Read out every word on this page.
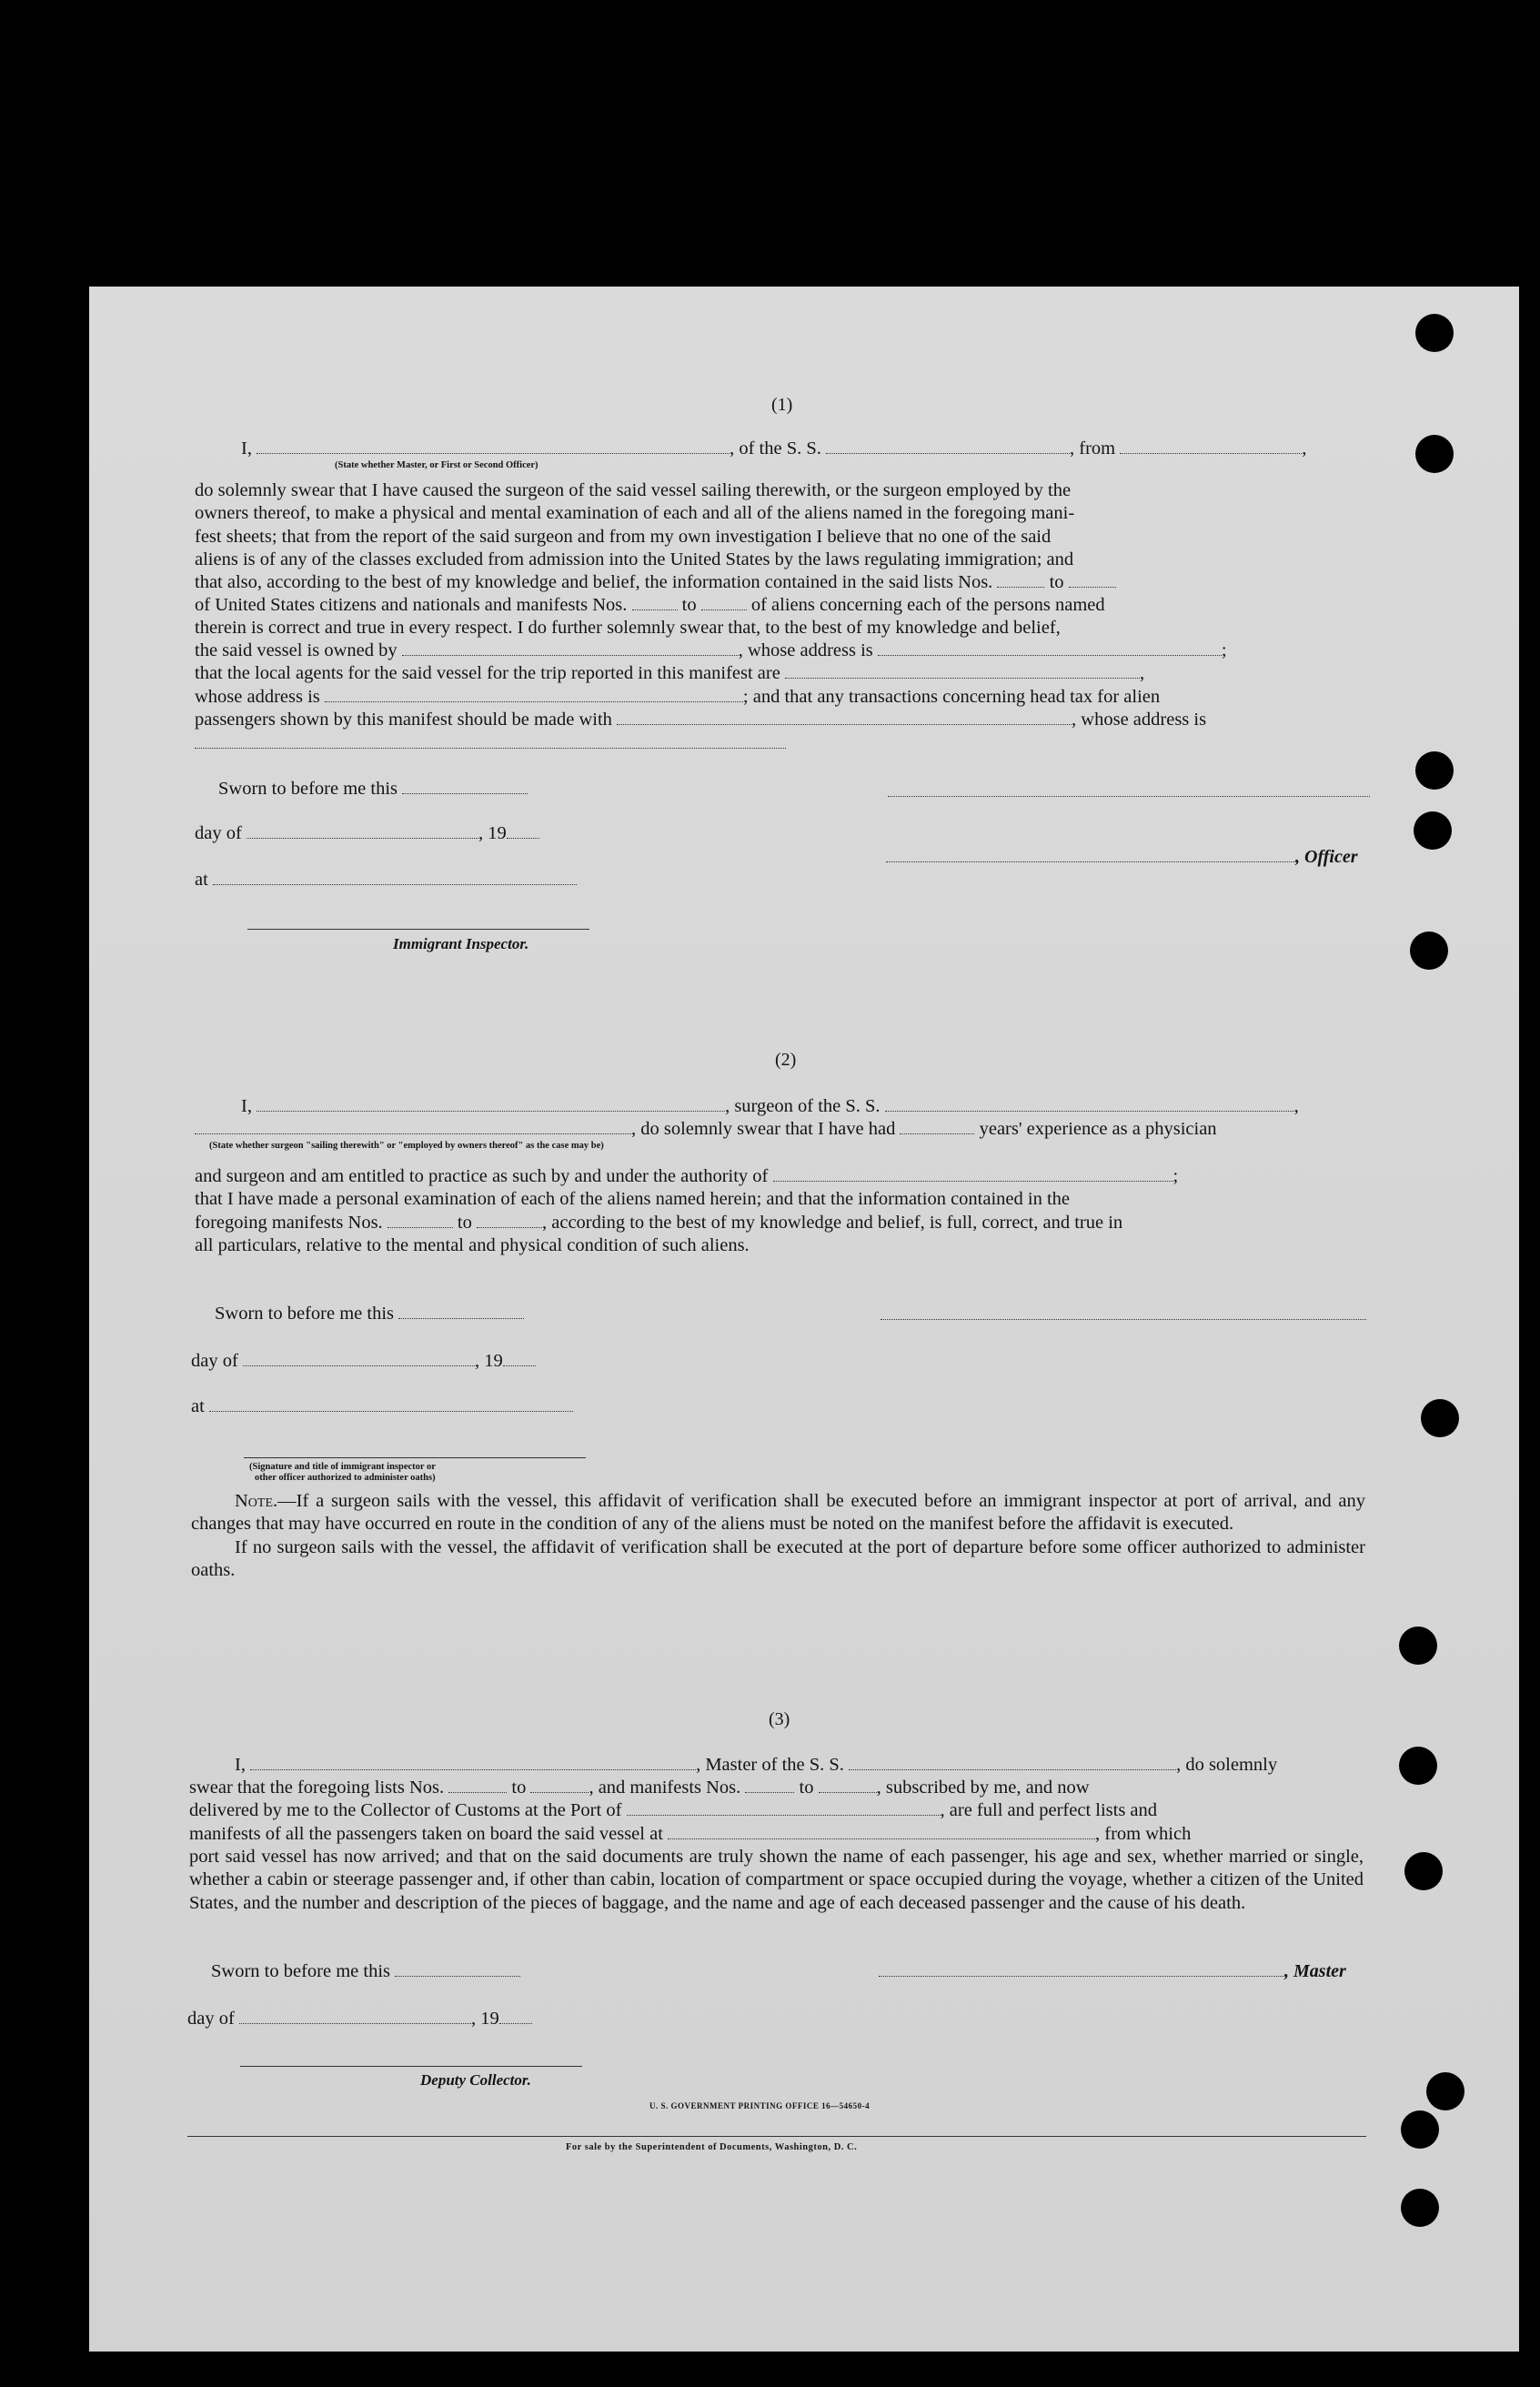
(1)
I,	, of the S. S.	, from	,
(State whether Master, or First or Second Officer)

do solemnly swear that I have caused the surgeon of the said vessel sailing therewith, or the surgeon employed by the

owners thereof, to make a physical and mental examination of each and all of the aliens named in the foregoing mani-

fest sheets; that from the report of the said surgeon and from my own investigation I believe that no one of the said

aliens is of any of the classes excluded from admission into the United States by the laws regulating immigration; and

that also, according to the best of my knowledge and belief, the information contained in the said lists Nos.	to
of United States citizens and nationals and manifests Nos.	to	of aliens concerning each of the persons named
therein is correct and true in every respect. I do further solemnly swear that, to the best of my knowledge and belief,
the said vessel is owned by	, whose address is	;
that the local agents for the said vessel for the trip reported in this manifest are	,
whose address is	; and that any transactions concerning head tax for alien
passengers shown by this manifest should be made with	, whose address is
Sworn to before me this
day of	, 19
, Officer
at
Immigrant Inspector.
(2)
I,	, surgeon of the S. S.	,
, do solemnly swear that I have had	years' experience as a physician
(State whether surgeon "sailing therewith" or "employed by owners thereof" as the case may be)
and surgeon and am entitled to practice as such by and under the authority of	;
that I have made a personal examination of each of the aliens named herein; and that the information contained in the
foregoing manifests Nos.	to	, according to the best of my knowledge and belief, is full, correct, and true in
all particulars, relative to the mental and physical condition of such aliens.
Sworn to before me this
day of	, 19
at
(Signature and title of immigrant inspector or
other officer authorized to administer oaths)

Note.—If a surgeon sails with the vessel, this affidavit of verification shall be executed before an immigrant inspector at port of arrival, and any changes that may have occurred en route in the condition of any of the aliens must be noted on the manifest before the affidavit is executed.

If no surgeon sails with the vessel, the affidavit of verification shall be executed at the port of departure before some officer authorized to administer oaths.

(3)
I,	, Master of the S. S.	, do solemnly
swear that the foregoing lists Nos.	to	, and manifests Nos.	to	, subscribed by me, and now
delivered by me to the Collector of Customs at the Port of	, are full and perfect lists and
manifests of all the passengers taken on board the said vessel at	, from which
port said vessel has now arrived; and that on the said documents are truly shown the name of each passenger, his age and sex, whether married or single, whether a cabin or steerage passenger and, if other than cabin, location of compartment or space occupied during the voyage, whether a citizen of the United States, and the number and description of the pieces of baggage, and the name and age of each deceased passenger and the cause of his death.
Sworn to before me this	, Master
day of	, 19
Deputy Collector.
U. S. GOVERNMENT PRINTING OFFICE 16—54650-4
For sale by the Superintendent of Documents, Washington, D. C.
